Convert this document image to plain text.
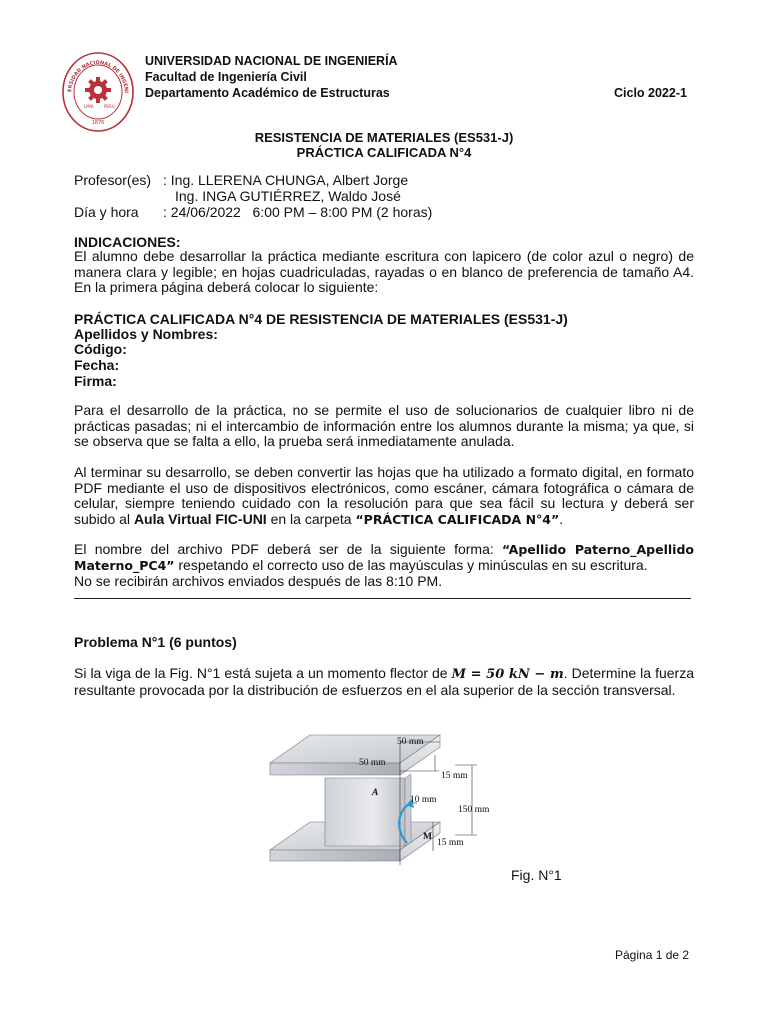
ERSIDAD NACIONAL DE INGENI
LIMA	PERÚ
1876
UNIVERSIDAD NACIONAL DE INGENIERÍA
Facultad de Ingeniería Civil
Departamento Académico de Estructuras	Ciclo 2022-1
RESISTENCIA DE MATERIALES (ES531-J)
PRÁCTICA CALIFICADA N°4
Profesor(es) : Ing. LLERENA CHUNGA, Albert Jorge
Ing. INGA GUTIÉRREZ, Waldo José
Día y hora : 24/06/2022   6:00 PM – 8:00 PM (2 horas)
INDICACIONES:
El alumno debe desarrollar la práctica mediante escritura con lapicero (de color azul o negro) de manera clara y legible; en hojas cuadriculadas, rayadas o en blanco de preferencia de tamaño A4. En la primera página deberá colocar lo siguiente:
PRÁCTICA CALIFICADA N°4 DE RESISTENCIA DE MATERIALES (ES531-J)
Apellidos y Nombres:
Código:
Fecha:
Firma:
Para el desarrollo de la práctica, no se permite el uso de solucionarios de cualquier libro ni de prácticas pasadas; ni el intercambio de información entre los alumnos durante la misma; ya que, si se observa que se falta a ello, la prueba será inmediatamente anulada.
Al terminar su desarrollo, se deben convertir las hojas que ha utilizado a formato digital, en formato PDF mediante el uso de dispositivos electrónicos, como escáner, cámara fotográfica o cámara de celular, siempre teniendo cuidado con la resolución para que sea fácil su lectura y deberá ser subido al Aula Virtual FIC-UNI en la carpeta “PRÁCTICA CALIFICADA N°4”.
El nombre del archivo PDF deberá ser de la siguiente forma: “Apellido Paterno_Apellido Materno_PC4” respetando el correcto uso de las mayúsculas y minúsculas en su escritura.
No se recibirán archivos enviados después de las 8:10 PM.
Problema N°1 (6 puntos)
Si la viga de la Fig. N°1 está sujeta a un momento flector de M = 50 kN − m. Determine la fuerza resultante provocada por la distribución de esfuerzos en el ala superior de la sección transversal.
50 mm
50 mm
15 mm
A
10 mm
150 mm
M
15 mm
Fig. N°1
Página 1 de 2
